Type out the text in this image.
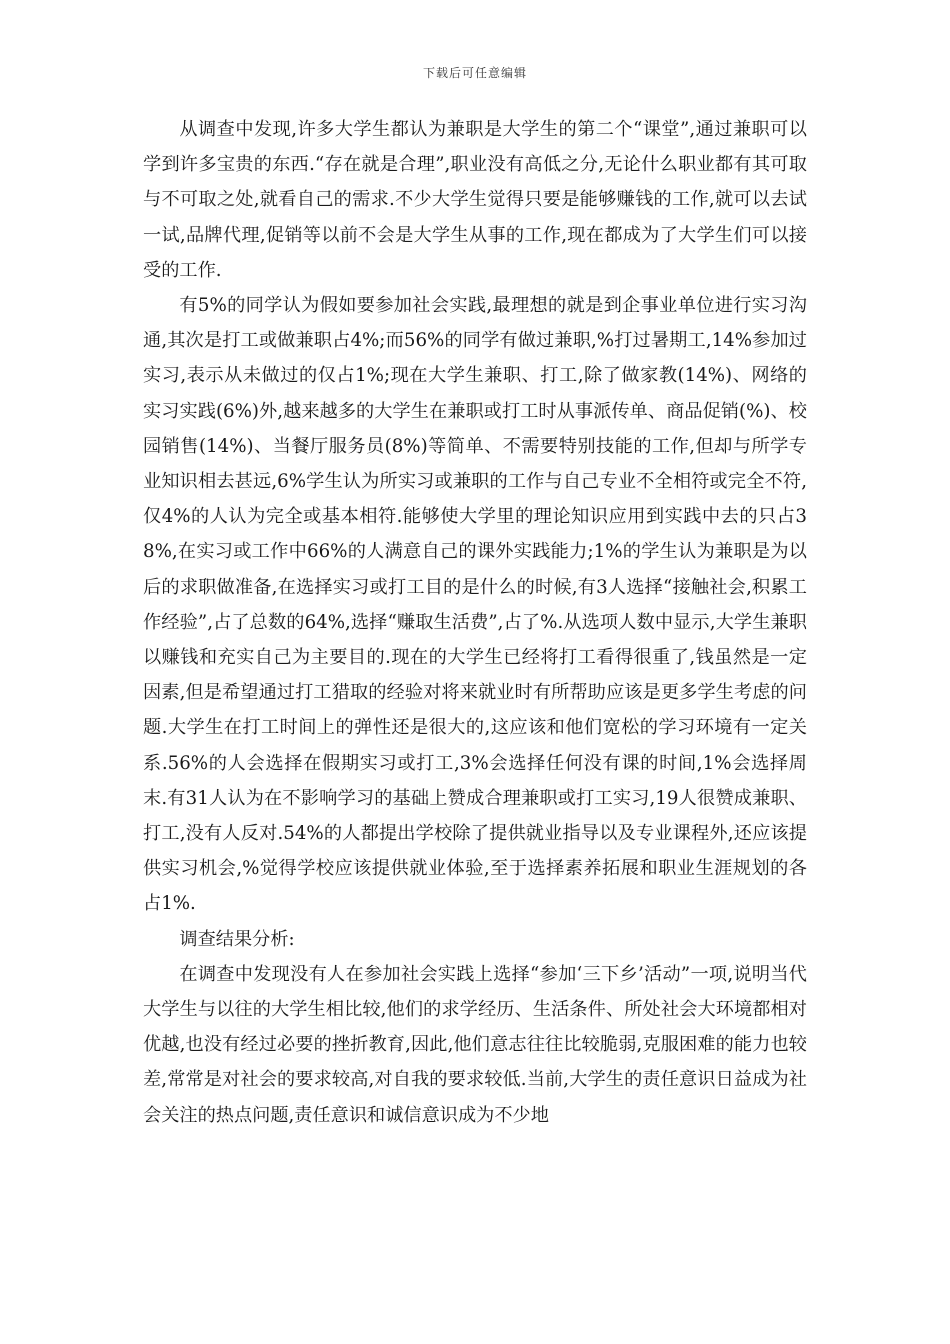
下载后可任意编辑

从调查中发现,许多大学生都认为兼职是大学生的第二个“课堂”,通过兼职可以学到许多宝贵的东西.“存在就是合理”,职业没有高低之分,无论什么职业都有其可取与不可取之处,就看自己的需求.不少大学生觉得只要是能够赚钱的工作,就可以去试一试,品牌代理,促销等以前不会是大学生从事的工作,现在都成为了大学生们可以接受的工作.

有5%的同学认为假如要参加社会实践,最理想的就是到企事业单位进行实习沟通,其次是打工或做兼职占4%;而56%的同学有做过兼职,%打过暑期工,14%参加过实习,表示从未做过的仅占1%;现在大学生兼职、打工,除了做家教(14%)、网络的实习实践(6%)外,越来越多的大学生在兼职或打工时从事派传单、商品促销(%)、校园销售(14%)、当餐厅服务员(8%)等简单、不需要特别技能的工作,但却与所学专业知识相去甚远,6%学生认为所实习或兼职的工作与自己专业不全相符或完全不符,仅4%的人认为完全或基本相符.能够使大学里的理论知识应用到实践中去的只占38%,在实习或工作中66%的人满意自己的课外实践能力;1%的学生认为兼职是为以后的求职做准备,在选择实习或打工目的是什么的时候,有3人选择“接触社会,积累工作经验”,占了总数的64%,选择“赚取生活费”,占了%.从选项人数中显示,大学生兼职以赚钱和充实自己为主要目的.现在的大学生已经将打工看得很重了,钱虽然是一定因素,但是希望通过打工猎取的经验对将来就业时有所帮助应该是更多学生考虑的问题.大学生在打工时间上的弹性还是很大的,这应该和他们宽松的学习环境有一定关系.56%的人会选择在假期实习或打工,3%会选择任何没有课的时间,1%会选择周末.有31人认为在不影响学习的基础上赞成合理兼职或打工实习,19人很赞成兼职、打工,没有人反对.54%的人都提出学校除了提供就业指导以及专业课程外,还应该提供实习机会,%觉得学校应该提供就业体验,至于选择素养拓展和职业生涯规划的各占1%.

调查结果分析:

在调查中发现没有人在参加社会实践上选择“参加‘三下乡’活动”一项,说明当代大学生与以往的大学生相比较,他们的求学经历、生活条件、所处社会大环境都相对优越,也没有经过必要的挫折教育,因此,他们意志往往比较脆弱,克服困难的能力也较差,常常是对社会的要求较高,对自我的要求较低.当前,大学生的责任意识日益成为社会关注的热点问题,责任意识和诚信意识成为不少地
